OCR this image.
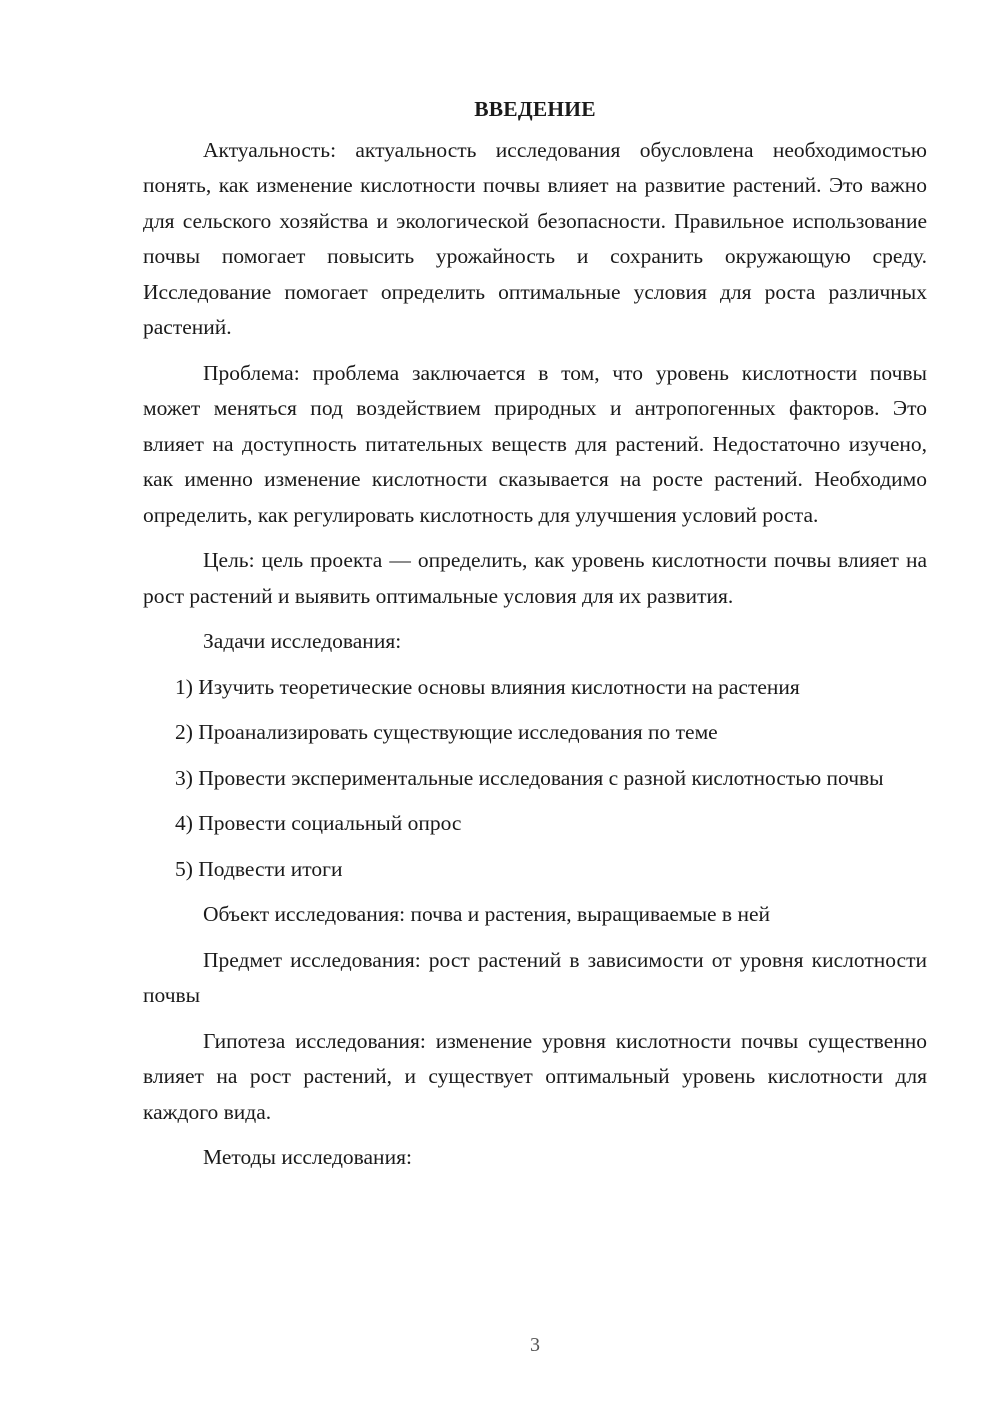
ВВЕДЕНИЕ

Актуальность: актуальность исследования обусловлена необходимостью понять, как изменение кислотности почвы влияет на развитие растений. Это важно для сельского хозяйства и экологической безопасности. Правильное использование почвы помогает повысить урожайность и сохранить окружающую среду. Исследование помогает определить оптимальные условия для роста различных растений.

Проблема: проблема заключается в том, что уровень кислотности почвы может меняться под воздействием природных и антропогенных факторов. Это влияет на доступность питательных веществ для растений. Недостаточно изучено, как именно изменение кислотности сказывается на росте растений. Необходимо определить, как регулировать кислотность для улучшения условий роста.

Цель: цель проекта — определить, как уровень кислотности почвы влияет на рост растений и выявить оптимальные условия для их развития.

Задачи исследования:

1) Изучить теоретические основы влияния кислотности на растения

2) Проанализировать существующие исследования по теме

3) Провести экспериментальные исследования с разной кислотностью почвы

4) Провести социальный опрос

5) Подвести итоги

Объект исследования: почва и растения, выращиваемые в ней

Предмет исследования: рост растений в зависимости от уровня кислотности почвы

Гипотеза исследования: изменение уровня кислотности почвы существенно влияет на рост растений, и существует оптимальный уровень кислотности для каждого вида.

Методы исследования:

3
